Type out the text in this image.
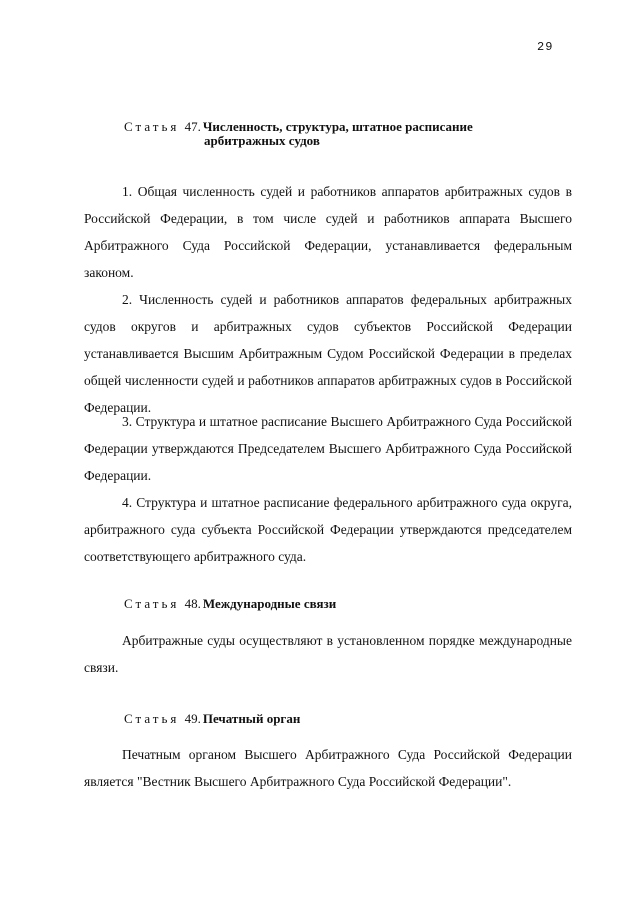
29
Статья 47. Численность, структура, штатное расписание
арбитражных судов

1. Общая численность судей и работников аппаратов арбитражных судов в Российской Федерации, в том числе судей и работников аппарата Высшего Арбитражного Суда Российской Федерации, устанавливается федеральным законом.

2. Численность судей и работников аппаратов федеральных арбитражных судов округов и арбитражных судов субъектов Российской Федерации устанавливается Высшим Арбитражным Судом Российской Федерации в пределах общей численности судей и работников аппаратов арбитражных судов в Российской Федерации.

3. Структура и штатное расписание Высшего Арбитражного Суда Российской Федерации утверждаются Председателем Высшего Арбитражного Суда Российской Федерации.

4. Структура и штатное расписание федерального арбитражного суда округа, арбитражного суда субъекта Российской Федерации утверждаются председателем соответствующего арбитражного суда.

Статья 48. Международные связи

Арбитражные суды осуществляют в установленном порядке международные связи.

Статья 49. Печатный орган

Печатным органом Высшего Арбитражного Суда Российской Федерации является "Вестник Высшего Арбитражного Суда Российской Федерации".
